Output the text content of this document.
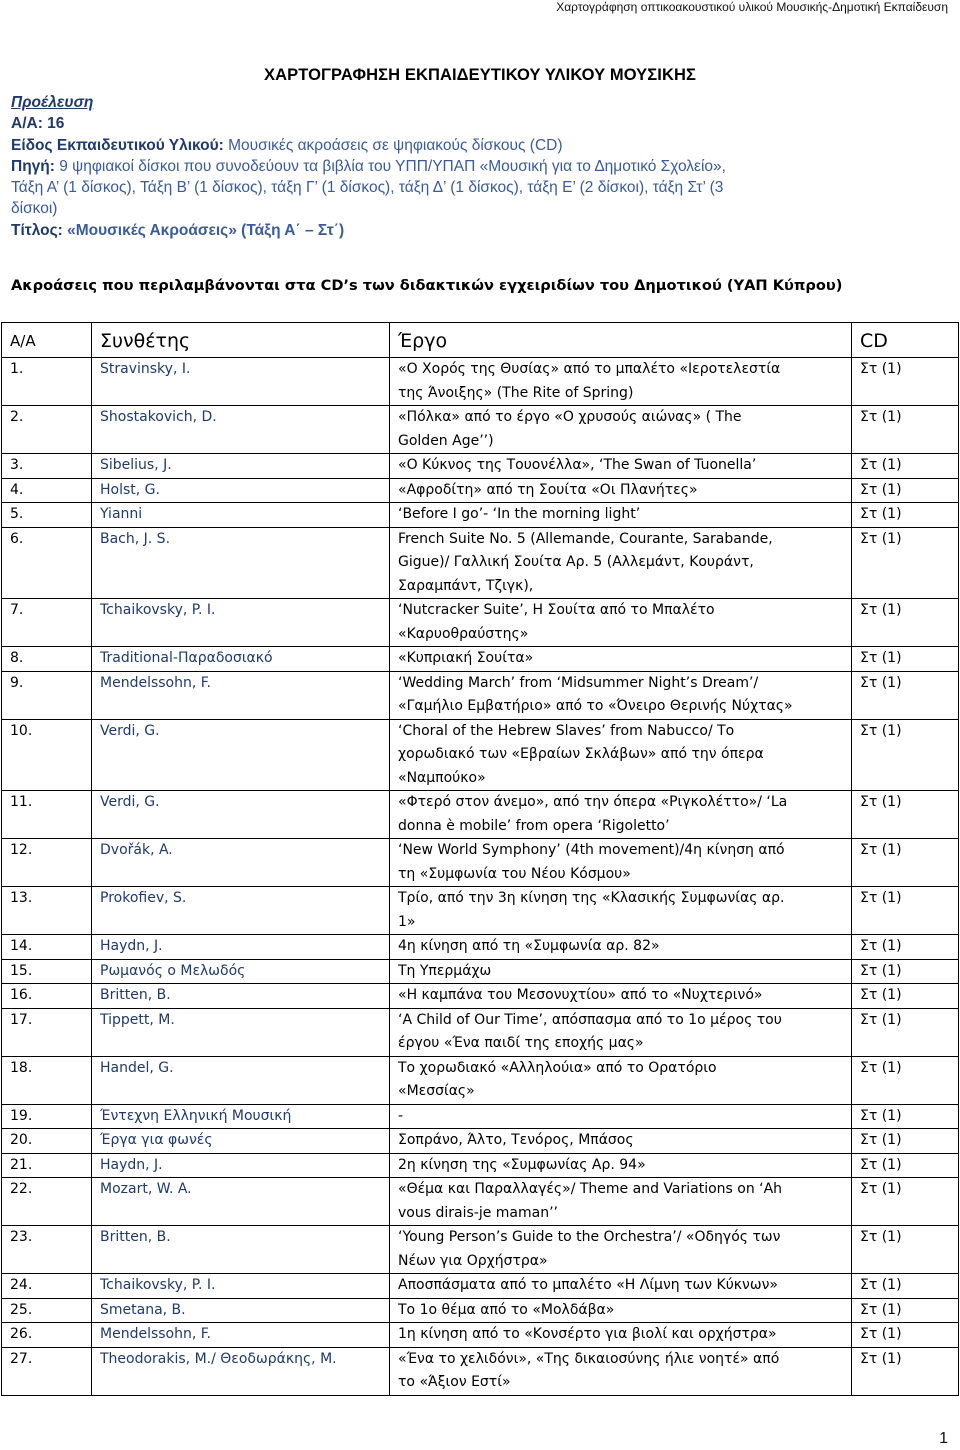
Χαρτογράφηση οπτικοακουστικού υλικού Μουσικής-Δημοτική Εκπαίδευση
ΧΑΡΤΟΓΡΑΦΗΣΗ ΕΚΠΑΙΔΕΥΤΙΚΟΥ ΥΛΙΚΟΥ ΜΟΥΣΙΚΗΣ
Προέλευση
Α/Α: 16
Είδος Εκπαιδευτικού Υλικού: Μουσικές ακροάσεις σε ψηφιακούς δίσκους (CD)
Πηγή: 9 ψηφιακοί δίσκοι που συνοδεύουν τα βιβλία του ΥΠΠ/ΥΠΑΠ «Μουσική για το Δημοτικό Σχολείο»,
Τάξη Α’ (1 δίσκος), Τάξη Β’ (1 δίσκος), τάξη Γ’ (1 δίσκος), τάξη Δ’ (1 δίσκος), τάξη Ε’ (2 δίσκοι), τάξη Στ’ (3
δίσκοι)
Τίτλος: «Μουσικές Ακροάσεις» (Τάξη Α΄ – Στ΄)
Ακροάσεις που περιλαμβάνονται στα CD’s των διδακτικών εγχειριδίων του Δημοτικού (ΥΑΠ Κύπρου)
Α/Α	Συνθέτης	Έργο	CD
1.	Stravinsky, I.	«Ο Χορός της Θυσίας» από το μπαλέτο «Ιεροτελεστία
της Άνοιξης» (The Rite of Spring)	Στ (1)
2.	Shostakovich, D.	«Πόλκα» από το έργο «Ο χρυσούς αιώνας» ( The
Golden Age’’)	Στ (1)
3.	Sibelius, J.	«Ο Κύκνος της Τουονέλλα», ‘The Swan of Tuonella’	Στ (1)
4.	Holst, G.	«Αφροδίτη» από τη Σουίτα «Οι Πλανήτες»	Στ (1)
5.	Yianni	‘Before I go’- ‘In the morning light’	Στ (1)
6.	Bach, J. S.	French Suite No. 5 (Allemande, Courante, Sarabande,
Gigue)/ Γαλλική Σουίτα Αρ. 5 (Αλλεμάντ, Κουράντ,
Σαραμπάντ, Τζιγκ),	Στ (1)
7.	Tchaikovsky, P. I.	‘Nutcracker Suite’, Η Σουίτα από το Μπαλέτο
«Καρυοθραύστης»	Στ (1)
8.	Traditional-Παραδοσιακό	«Κυπριακή Σουίτα»	Στ (1)
9.	Mendelssohn, F.	‘Wedding March’ from ‘Midsummer Night’s Dream’/
«Γαμήλιο Εμβατήριο» από το «Όνειρο Θερινής Νύχτας»	Στ (1)
10.	Verdi, G.	‘Choral of the Hebrew Slaves’ from Nabucco/ Το
χορωδιακό των «Εβραίων Σκλάβων» από την όπερα
«Ναμπούκο»	Στ (1)
11.	Verdi, G.	«Φτερό στον άνεμο», από την όπερα «Ριγκολέττο»/ ‘La
donna è mobile’ from opera ‘Rigoletto’	Στ (1)
12.	Dvořák, A.	‘New World Symphony’ (4th movement)/4η κίνηση από
τη «Συμφωνία του Νέου Κόσμου»	Στ (1)
13.	Prokofiev, S.	Τρίο, από την 3η κίνηση της «Κλασικής Συμφωνίας αρ.
1»	Στ (1)
14.	Haydn, J.	4η κίνηση από τη «Συμφωνία αρ. 82»	Στ (1)
15.	Ρωμανός ο Μελωδός	Τη Υπερμάχω	Στ (1)
16.	Britten, B.	«Η καμπάνα του Μεσονυχτίου» από το «Νυχτερινό»	Στ (1)
17.	Tippett, M.	‘A Child of Our Time’, απόσπασμα από το 1ο μέρος του
έργου «Ένα παιδί της εποχής μας»	Στ (1)
18.	Handel, G.	Το χορωδιακό «Αλληλούια» από το Ορατόριο
«Μεσσίας»	Στ (1)
19.	Έντεχνη Ελληνική Μουσική	-	Στ (1)
20.	Έργα για φωνές	Σοπράνο, Άλτο, Τενόρος, Μπάσος	Στ (1)
21.	Haydn, J.	2η κίνηση της «Συμφωνίας Αρ. 94»	Στ (1)
22.	Mozart, W. A.	«Θέμα και Παραλλαγές»/ Theme and Variations on ‘Ah
vous dirais-je maman’’	Στ (1)
23.	Britten, B.	‘Young Person’s Guide to the Orchestra’/ «Οδηγός των
Νέων για Ορχήστρα»	Στ (1)
24.	Tchaikovsky, P. I.	Αποσπάσματα από το μπαλέτο «Η Λίμνη των Κύκνων»	Στ (1)
25.	Smetana, B.	Το 1ο θέμα από το «Μολδάβα»	Στ (1)
26.	Mendelssohn, F.	1η κίνηση από το «Κονσέρτο για βιολί και ορχήστρα»	Στ (1)
27.	Theodorakis, M./ Θεοδωράκης, Μ.	«Ένα το χελιδόνι», «Της δικαιοσύνης ήλιε νοητέ» από
το «Άξιον Εστί»	Στ (1)
1
